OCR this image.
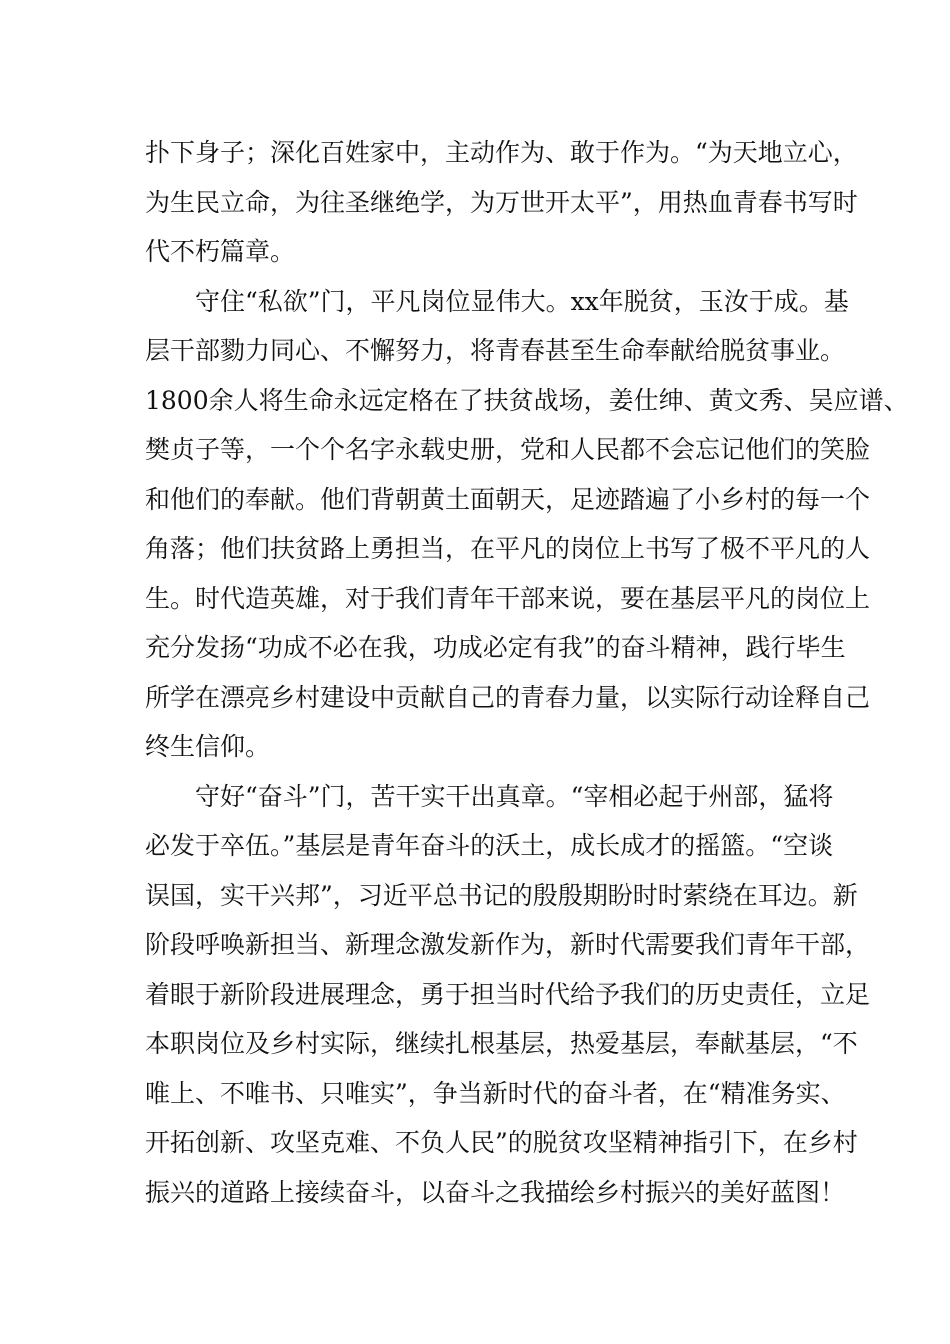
扑下身子；深化百姓家中，主动作为、敢于作为。“为天地立心，
为生民立命，为往圣继绝学，为万世开太平”，用热血青春书写时
代不朽篇章。
守住“私欲”门，平凡岗位显伟大。xx年脱贫，玉汝于成。基
层干部勠力同心、不懈努力，将青春甚至生命奉献给脱贫事业。
1800余人将生命永远定格在了扶贫战场，姜仕绅、黄文秀、吴应谱、
樊贞子等，一个个名字永载史册，党和人民都不会忘记他们的笑脸
和他们的奉献。他们背朝黄土面朝天，足迹踏遍了小乡村的每一个
角落；他们扶贫路上勇担当，在平凡的岗位上书写了极不平凡的人
生。时代造英雄，对于我们青年干部来说，要在基层平凡的岗位上
充分发扬“功成不必在我，功成必定有我”的奋斗精神，践行毕生
所学在漂亮乡村建设中贡献自己的青春力量，以实际行动诠释自己
终生信仰。
守好“奋斗”门，苦干实干出真章。“宰相必起于州部，猛将
必发于卒伍。”基层是青年奋斗的沃土，成长成才的摇篮。“空谈
误国，实干兴邦”，习近平总书记的殷殷期盼时时萦绕在耳边。新
阶段呼唤新担当、新理念激发新作为，新时代需要我们青年干部，
着眼于新阶段进展理念，勇于担当时代给予我们的历史责任，立足
本职岗位及乡村实际，继续扎根基层，热爱基层，奉献基层，“不
唯上、不唯书、只唯实”，争当新时代的奋斗者，在“精准务实、
开拓创新、攻坚克难、不负人民”的脱贫攻坚精神指引下，在乡村
振兴的道路上接续奋斗，以奋斗之我描绘乡村振兴的美好蓝图！
